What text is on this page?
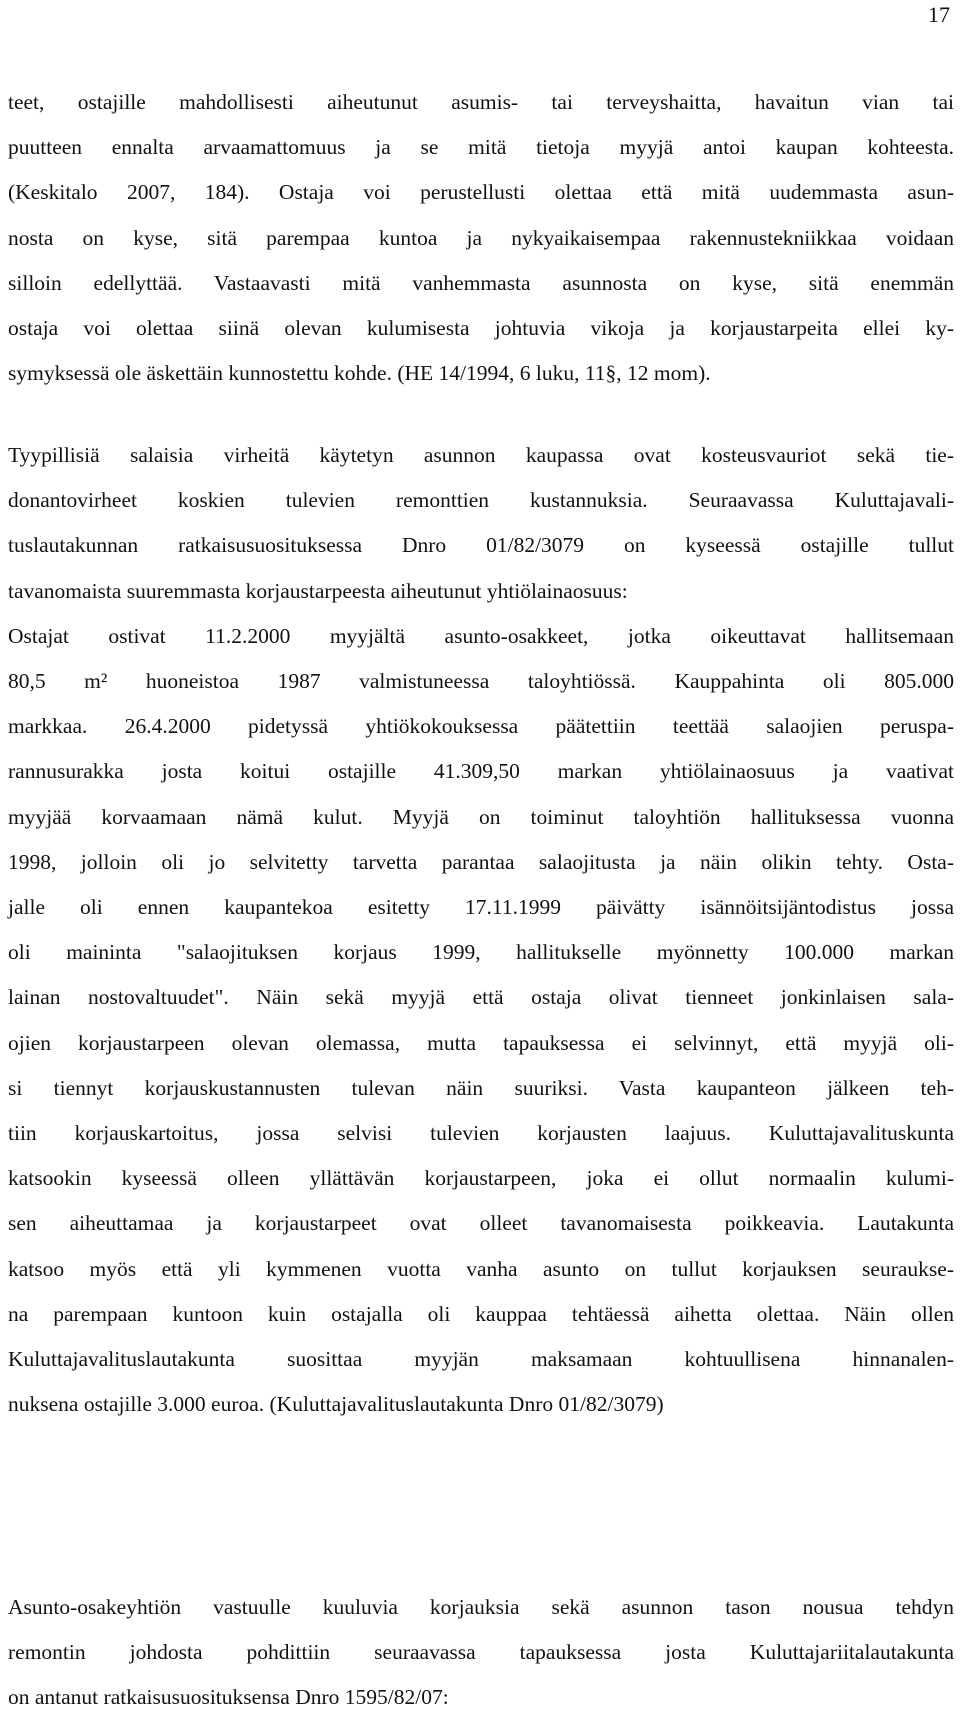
17
teet, ostajille mahdollisesti aiheutunut asumis- tai terveyshaitta, havaitun vian tai
puutteen ennalta arvaamattomuus ja se mitä tietoja myyjä antoi kaupan kohteesta.
(Keskitalo 2007, 184). Ostaja voi perustellusti olettaa että mitä uudemmasta asun-
nosta on kyse, sitä parempaa kuntoa ja nykyaikaisempaa rakennustekniikkaa voidaan
silloin edellyttää. Vastaavasti mitä vanhemmasta asunnosta on kyse, sitä enemmän
ostaja voi olettaa siinä olevan kulumisesta johtuvia vikoja ja korjaustarpeita ellei ky-
symyksessä ole äskettäin kunnostettu kohde. (HE 14/1994, 6 luku, 11§, 12 mom).
Tyypillisiä salaisia virheitä käytetyn asunnon kaupassa ovat kosteusvauriot sekä tie-
donantovirheet koskien tulevien remonttien kustannuksia. Seuraavassa Kuluttajavali-
tuslautakunnan ratkaisusuosituksessa Dnro 01/82/3079 on kyseessä ostajille tullut
tavanomaista suuremmasta korjaustarpeesta aiheutunut yhtiölainaosuus:
Ostajat ostivat 11.2.2000 myyjältä asunto-osakkeet, jotka oikeuttavat hallitsemaan
80,5 m² huoneistoa 1987 valmistuneessa taloyhtiössä. Kauppahinta oli 805.000
markkaa. 26.4.2000 pidetyssä yhtiökokouksessa päätettiin teettää salaojien peruspa-
rannusurakka josta koitui ostajille 41.309,50 markan yhtiölainaosuus ja vaativat
myyjää korvaamaan nämä kulut. Myyjä on toiminut taloyhtiön hallituksessa vuonna
1998, jolloin oli jo selvitetty tarvetta parantaa salaojitusta ja näin olikin tehty. Osta-
jalle oli ennen kaupantekoa esitetty 17.11.1999 päivätty isännöitsijäntodistus jossa
oli maininta "salaojituksen korjaus 1999, hallitukselle myönnetty 100.000 markan
lainan nostovaltuudet". Näin sekä myyjä että ostaja olivat tienneet jonkinlaisen sala-
ojien korjaustarpeen olevan olemassa, mutta tapauksessa ei selvinnyt, että myyjä oli-
si tiennyt korjauskustannusten tulevan näin suuriksi. Vasta kaupanteon jälkeen teh-
tiin korjauskartoitus, jossa selvisi tulevien korjausten laajuus. Kuluttajavalituskunta
katsookin kyseessä olleen yllättävän korjaustarpeen, joka ei ollut normaalin kulumi-
sen aiheuttamaa ja korjaustarpeet ovat olleet tavanomaisesta poikkeavia. Lautakunta
katsoo myös että yli kymmenen vuotta vanha asunto on tullut korjauksen seuraukse-
na parempaan kuntoon kuin ostajalla oli kauppaa tehtäessä aihetta olettaa. Näin ollen
Kuluttajavalituslautakunta suosittaa myyjän maksamaan kohtuullisena hinnanalen-
nuksena ostajille 3.000 euroa. (Kuluttajavalituslautakunta Dnro 01/82/3079)
Asunto-osakeyhtiön vastuulle kuuluvia korjauksia sekä asunnon tason nousua tehdyn
remontin johdosta pohdittiin seuraavassa tapauksessa josta Kuluttajariitalautakunta
on antanut ratkaisusuosituksensa Dnro 1595/82/07:
